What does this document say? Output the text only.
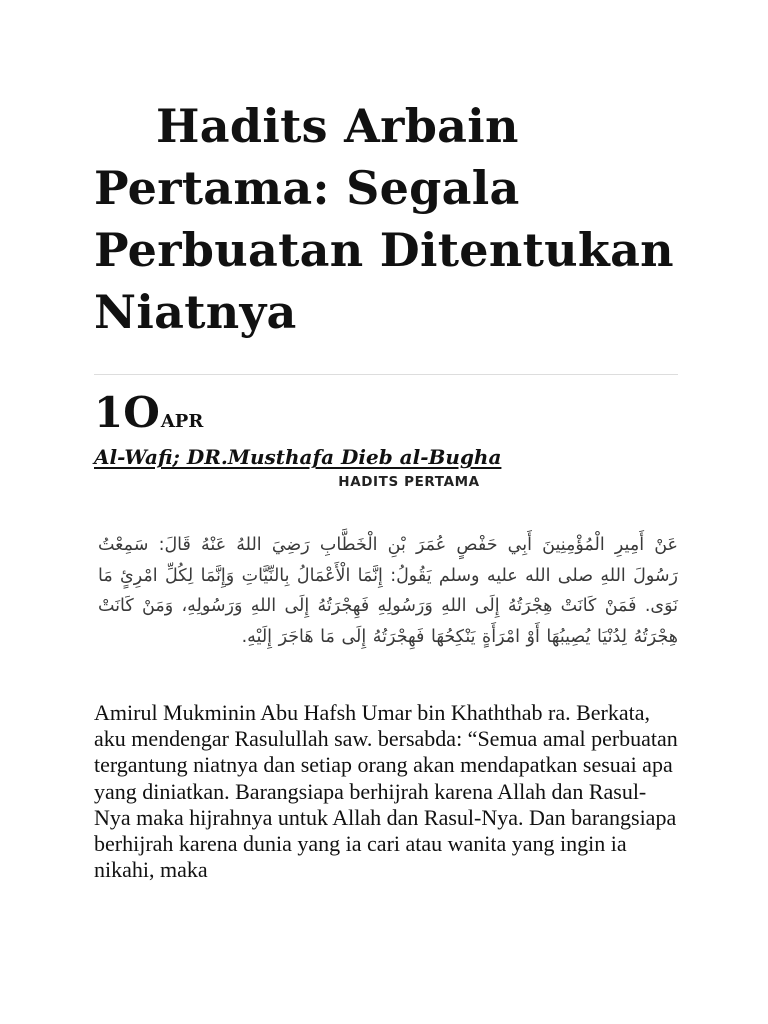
Hadits Arbain Pertama: Segala Perbuatan Ditentukan Niatnya
1OAPR
Al-Wafi; DR.Musthafa Dieb al-Bugha
HADITS PERTAMA

عَنْ أَمِيرِ الْمُؤْمِنِينَ أَبِي حَفْصٍ عُمَرَ بْنِ الْخَطَّابِ رَضِيَ اللهُ عَنْهُ قَالَ: سَمِعْتُ رَسُولَ اللهِ صلى الله عليه وسلم يَقُولُ: إِنَّمَا الْأَعْمَالُ بِالنِّيَّاتِ وَإِنَّمَا لِكُلِّ امْرِئٍ مَا نَوَى. فَمَنْ كَانَتْ هِجْرَتُهُ إِلَى اللهِ وَرَسُولِهِ فَهِجْرَتُهُ إِلَى اللهِ وَرَسُولِهِ، وَمَنْ كَانَتْ هِجْرَتُهُ لِدُنْيَا يُصِيبُهَا أَوْ امْرَأَةٍ يَنْكِحُهَا فَهِجْرَتُهُ إِلَى مَا هَاجَرَ إِلَيْهِ.

Amirul Mukminin Abu Hafsh Umar bin Khaththab ra. Berkata, aku mendengar Rasulullah saw. bersabda: “Semua amal perbuatan tergantung niatnya dan setiap orang akan mendapatkan sesuai apa yang diniatkan. Barangsiapa berhijrah karena Allah dan Rasul-Nya maka hijrahnya untuk Allah dan Rasul-Nya. Dan barangsiapa berhijrah karena dunia yang ia cari atau wanita yang ingin ia nikahi, maka
